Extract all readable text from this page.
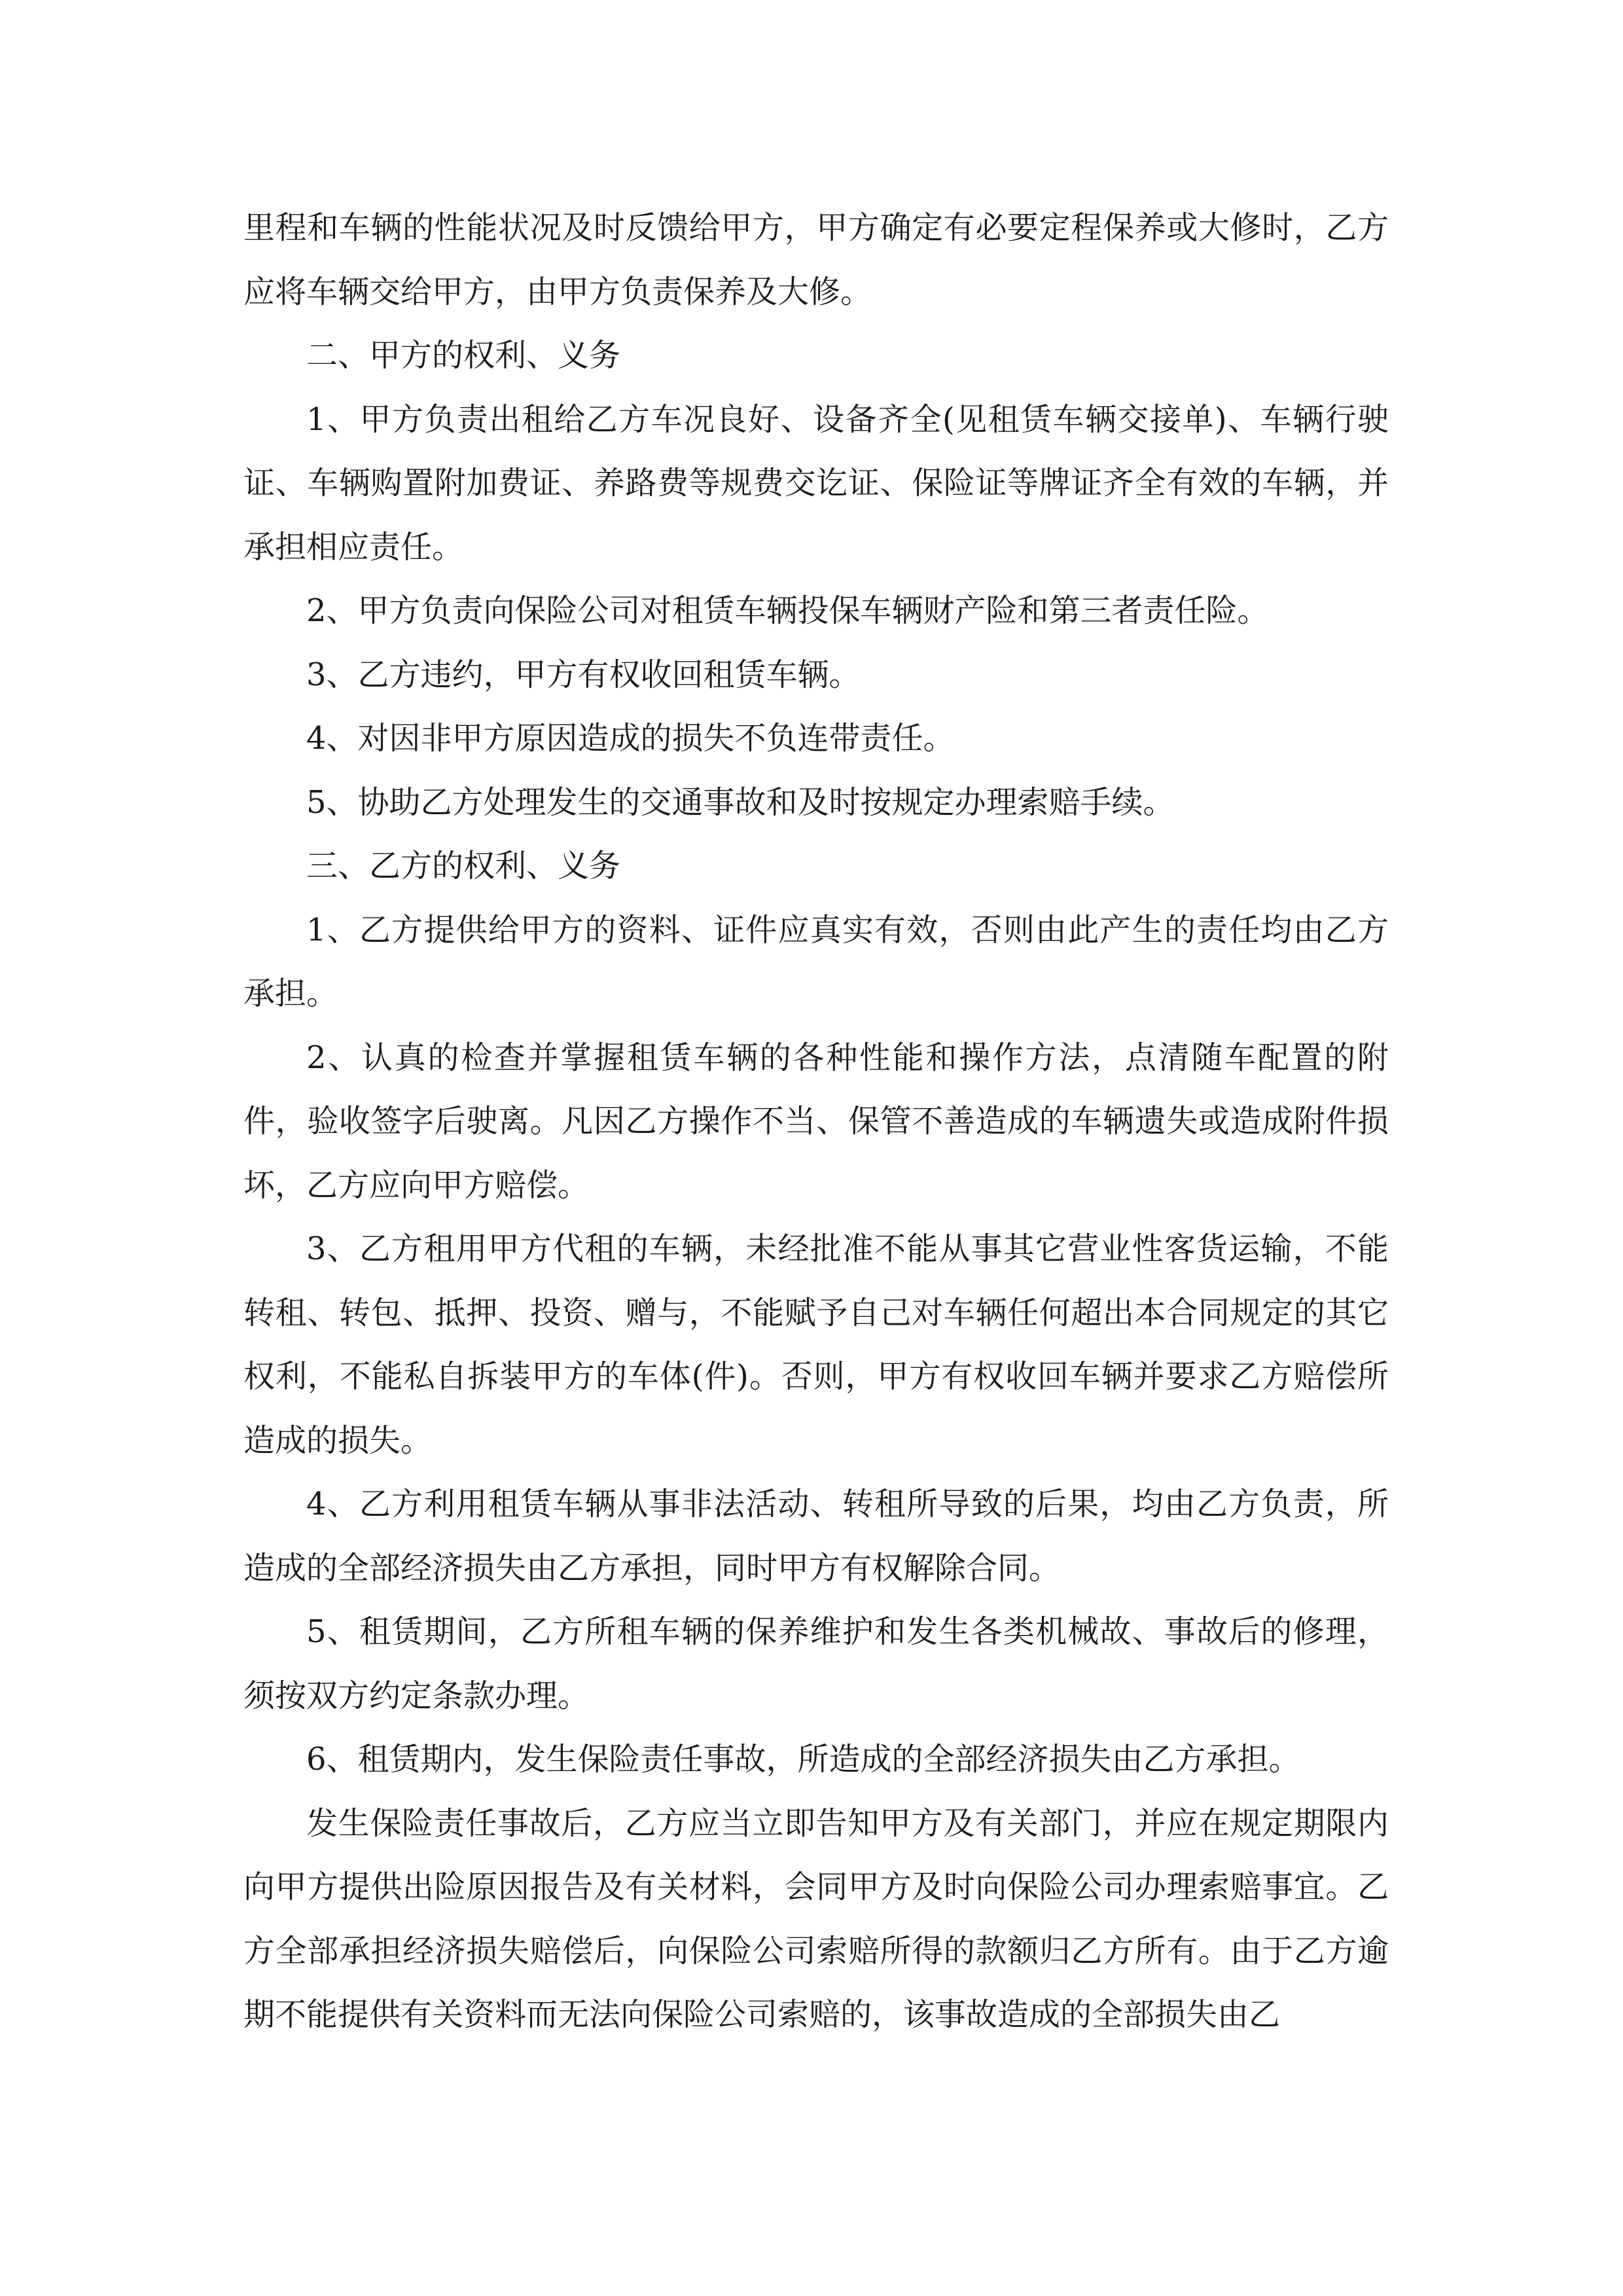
里程和车辆的性能状况及时反馈给甲方，甲方确定有必要定程保养或大修时，乙方应将车辆交给甲方，由甲方负责保养及大修。

二、甲方的权利、义务

1、甲方负责出租给乙方车况良好、设备齐全(见租赁车辆交接单)、车辆行驶证、车辆购置附加费证、养路费等规费交讫证、保险证等牌证齐全有效的车辆，并承担相应责任。

2、甲方负责向保险公司对租赁车辆投保车辆财产险和第三者责任险。

3、乙方违约，甲方有权收回租赁车辆。

4、对因非甲方原因造成的损失不负连带责任。

5、协助乙方处理发生的交通事故和及时按规定办理索赔手续。

三、乙方的权利、义务

1、乙方提供给甲方的资料、证件应真实有效，否则由此产生的责任均由乙方承担。

2、认真的检查并掌握租赁车辆的各种性能和操作方法，点清随车配置的附件，验收签字后驶离。凡因乙方操作不当、保管不善造成的车辆遗失或造成附件损坏，乙方应向甲方赔偿。

3、乙方租用甲方代租的车辆，未经批准不能从事其它营业性客货运输，不能转租、转包、抵押、投资、赠与，不能赋予自己对车辆任何超出本合同规定的其它权利，不能私自拆装甲方的车体(件)。否则，甲方有权收回车辆并要求乙方赔偿所造成的损失。

4、乙方利用租赁车辆从事非法活动、转租所导致的后果，均由乙方负责，所造成的全部经济损失由乙方承担，同时甲方有权解除合同。

5、租赁期间，乙方所租车辆的保养维护和发生各类机械故、事故后的修理，须按双方约定条款办理。

6、租赁期内，发生保险责任事故，所造成的全部经济损失由乙方承担。

发生保险责任事故后，乙方应当立即告知甲方及有关部门，并应在规定期限内向甲方提供出险原因报告及有关材料，会同甲方及时向保险公司办理索赔事宜。乙方全部承担经济损失赔偿后，向保险公司索赔所得的款额归乙方所有。由于乙方逾期不能提供有关资料而无法向保险公司索赔的，该事故造成的全部损失由乙
